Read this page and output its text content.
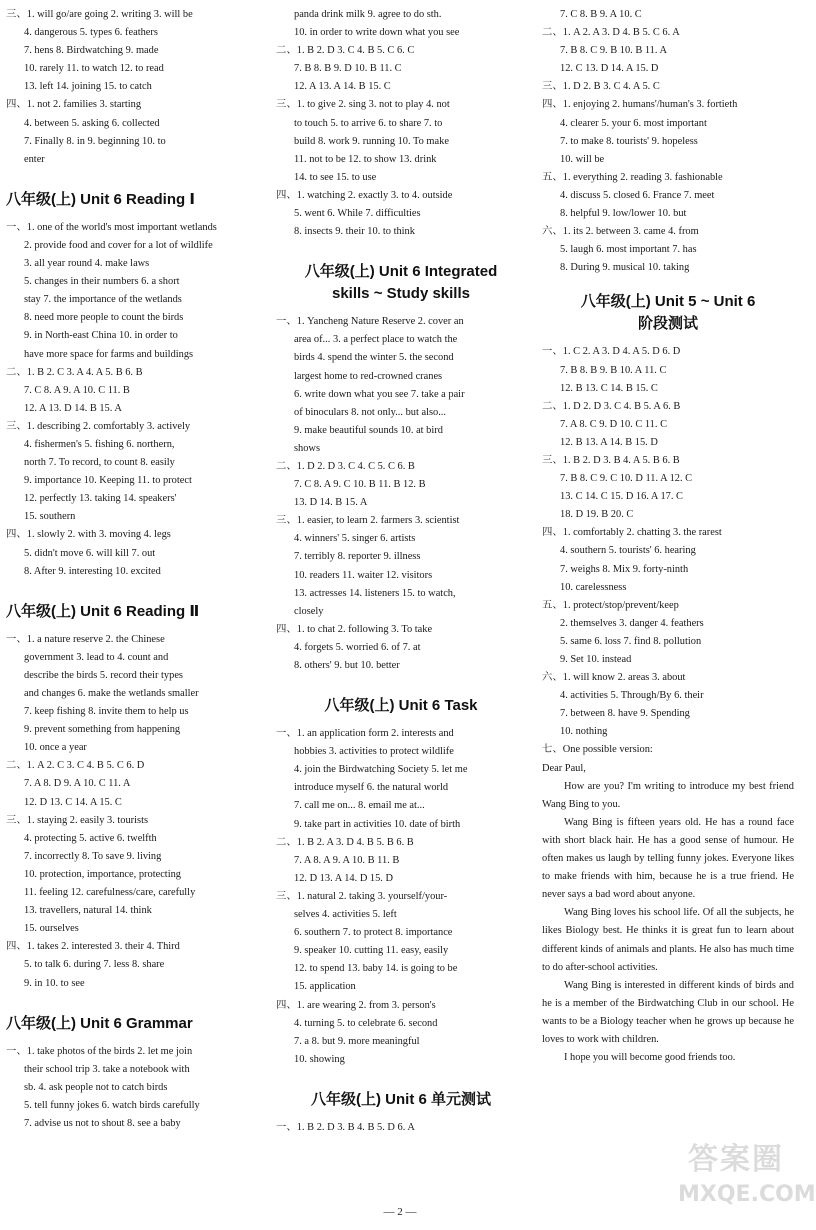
三、1. will go/are going 2. writing 3. will be
4. dangerous 5. types 6. feathers
7. hens 8. Birdwatching 9. made
10. rarely 11. to watch 12. to read
13. left 14. joining 15. to catch
四、1. not 2. families 3. starting
4. between 5. asking 6. collected
7. Finally 8. in 9. beginning 10. to
enter
八年级(上) Unit 6 Reading Ⅰ
一、1. one of the world's most important wetlands
2. provide food and cover for a lot of wildlife
3. all year round 4. make laws
5. changes in their numbers 6. a short
stay 7. the importance of the wetlands
8. need more people to count the birds
9. in North-east China 10. in order to
have more space for farms and buildings
二、1. B 2. C 3. A 4. A 5. B 6. B
7. C 8. A 9. A 10. C 11. B
12. A 13. D 14. B 15. A
三、1. describing 2. comfortably 3. actively
4. fishermen's 5. fishing 6. northern,
north 7. To record, to count 8. easily
9. importance 10. Keeping 11. to protect
12. perfectly 13. taking 14. speakers'
15. southern
四、1. slowly 2. with 3. moving 4. legs
5. didn't move 6. will kill 7. out
8. After 9. interesting 10. excited
八年级(上) Unit 6 Reading Ⅱ
一、1. a nature reserve 2. the Chinese
government 3. lead to 4. count and
describe the birds 5. record their types
and changes 6. make the wetlands smaller
7. keep fishing 8. invite them to help us
9. prevent something from happening
10. once a year
二、1. A 2. C 3. C 4. B 5. C 6. D
7. A 8. D 9. A 10. C 11. A
12. D 13. C 14. A 15. C
三、1. staying 2. easily 3. tourists
4. protecting 5. active 6. twelfth
7. incorrectly 8. To save 9. living
10. protection, importance, protecting
11. feeling 12. carefulness/care, carefully
13. travellers, natural 14. think
15. ourselves
四、1. takes 2. interested 3. their 4. Third
5. to talk 6. during 7. less 8. share
9. in 10. to see
八年级(上) Unit 6 Grammar
一、1. take photos of the birds 2. let me join
their school trip 3. take a notebook with
sb. 4. ask people not to catch birds
5. tell funny jokes 6. watch birds carefully
7. advise us not to shout 8. see a baby
panda drink milk 9. agree to do sth.
10. in order to write down what you see
二、1. B 2. D 3. C 4. B 5. C 6. C
7. B 8. B 9. D 10. B 11. C
12. A 13. A 14. B 15. C
三、1. to give 2. sing 3. not to play 4. not
to touch 5. to arrive 6. to share 7. to
build 8. work 9. running 10. To make
11. not to be 12. to show 13. drink
14. to see 15. to use
四、1. watching 2. exactly 3. to 4. outside
5. went 6. While 7. difficulties
8. insects 9. their 10. to think
八年级(上) Unit 6 Integrated
skills ~ Study skills
一、1. Yancheng Nature Reserve 2. cover an
area of... 3. a perfect place to watch the
birds 4. spend the winter 5. the second
largest home to red-crowned cranes
6. write down what you see 7. take a pair
of binoculars 8. not only... but also...
9. make beautiful sounds 10. at bird
shows
二、1. D 2. D 3. C 4. C 5. C 6. B
7. C 8. A 9. C 10. B 11. B 12. B
13. D 14. B 15. A
三、1. easier, to learn 2. farmers 3. scientist
4. winners' 5. singer 6. artists
7. terribly 8. reporter 9. illness
10. readers 11. waiter 12. visitors
13. actresses 14. listeners 15. to watch,
closely
四、1. to chat 2. following 3. To take
4. forgets 5. worried 6. of 7. at
8. others' 9. but 10. better
八年级(上) Unit 6 Task
一、1. an application form 2. interests and
hobbies 3. activities to protect wildlife
4. join the Birdwatching Society 5. let me
introduce myself 6. the natural world
7. call me on... 8. email me at...
9. take part in activities 10. date of birth
二、1. B 2. A 3. D 4. B 5. B 6. B
7. A 8. A 9. A 10. B 11. B
12. D 13. A 14. D 15. D
三、1. natural 2. taking 3. yourself/your-
selves 4. activities 5. left
6. southern 7. to protect 8. importance
9. speaker 10. cutting 11. easy, easily
12. to spend 13. baby 14. is going to be
15. application
四、1. are wearing 2. from 3. person's
4. turning 5. to celebrate 6. second
7. a 8. but 9. more meaningful
10. showing
八年级(上) Unit 6 单元测试
一、1. B 2. D 3. B 4. B 5. D 6. A
7. C 8. B 9. A 10. C
二、1. A 2. A 3. D 4. B 5. C 6. A
7. B 8. C 9. B 10. B 11. A
12. C 13. D 14. A 15. D
三、1. D 2. B 3. C 4. A 5. C
四、1. enjoying 2. humans'/human's 3. fortieth
4. clearer 5. your 6. most important
7. to make 8. tourists' 9. hopeless
10. will be
五、1. everything 2. reading 3. fashionable
4. discuss 5. closed 6. France 7. meet
8. helpful 9. low/lower 10. but
六、1. its 2. between 3. came 4. from
5. laugh 6. most important 7. has
8. During 9. musical 10. taking
八年级(上) Unit 5 ~ Unit 6
阶段测试
一、1. C 2. A 3. D 4. A 5. D 6. D
7. B 8. B 9. B 10. A 11. C
12. B 13. C 14. B 15. C
二、1. D 2. D 3. C 4. B 5. A 6. B
7. A 8. C 9. D 10. C 11. C
12. B 13. A 14. B 15. D
三、1. B 2. D 3. B 4. A 5. B 6. B
7. B 8. C 9. C 10. D 11. A 12. C
13. C 14. C 15. D 16. A 17. C
18. D 19. B 20. C
四、1. comfortably 2. chatting 3. the rarest
4. southern 5. tourists' 6. hearing
7. weighs 8. Mix 9. forty-ninth
10. carelessness
五、1. protect/stop/prevent/keep
2. themselves 3. danger 4. feathers
5. same 6. loss 7. find 8. pollution
9. Set 10. instead
六、1. will know 2. areas 3. about
4. activities 5. Through/By 6. their
7. between 8. have 9. Spending
10. nothing
七、One possible version:
Dear Paul,
How are you? I'm writing to introduce my best friend Wang Bing to you.
Wang Bing is fifteen years old. He has a round face with short black hair. He has a good sense of humour. He often makes us laugh by telling funny jokes. Everyone likes to make friends with him, because he is a true friend. He never says a bad word about anyone.
Wang Bing loves his school life. Of all the subjects, he likes Biology best. He thinks it is great fun to learn about different kinds of animals and plants. He also has much time to do after-school activities.
Wang Bing is interested in different kinds of birds and he is a member of the Birdwatching Club in our school. He wants to be a Biology teacher when he grows up because he loves to work with children.
I hope you will become good friends too.
— 2 —
答案圈
MXQE.COM
